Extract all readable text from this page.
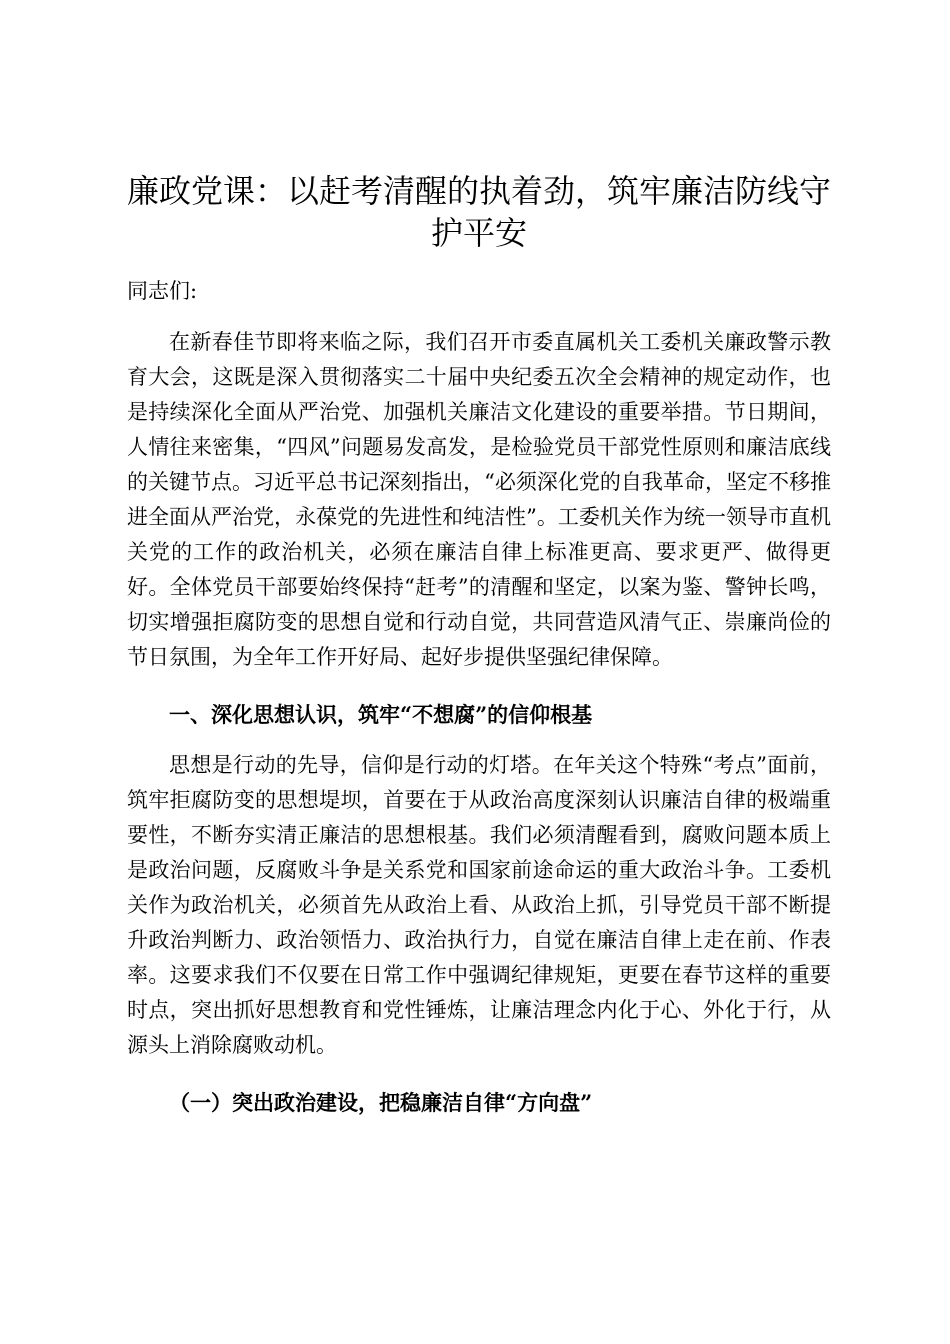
廉政党课：以赶考清醒的执着劲，筑牢廉洁防线守护平安

同志们:

在新春佳节即将来临之际，我们召开市委直属机关工委机关廉政警示教育大会，这既是深入贯彻落实二十届中央纪委五次全会精神的规定动作，也是持续深化全面从严治党、加强机关廉洁文化建设的重要举措。节日期间，人情往来密集，“四风”问题易发高发，是检验党员干部党性原则和廉洁底线的关键节点。习近平总书记深刻指出，“必须深化党的自我革命，坚定不移推进全面从严治党，永葆党的先进性和纯洁性”。工委机关作为统一领导市直机关党的工作的政治机关，必须在廉洁自律上标准更高、要求更严、做得更好。全体党员干部要始终保持“赶考”的清醒和坚定，以案为鉴、警钟长鸣，切实增强拒腐防变的思想自觉和行动自觉，共同营造风清气正、崇廉尚俭的节日氛围，为全年工作开好局、起好步提供坚强纪律保障。

一、深化思想认识，筑牢“不想腐”的信仰根基

思想是行动的先导，信仰是行动的灯塔。在年关这个特殊“考点”面前，筑牢拒腐防变的思想堤坝，首要在于从政治高度深刻认识廉洁自律的极端重要性，不断夯实清正廉洁的思想根基。我们必须清醒看到，腐败问题本质上是政治问题，反腐败斗争是关系党和国家前途命运的重大政治斗争。工委机关作为政治机关，必须首先从政治上看、从政治上抓，引导党员干部不断提升政治判断力、政治领悟力、政治执行力，自觉在廉洁自律上走在前、作表率。这要求我们不仅要在日常工作中强调纪律规矩，更要在春节这样的重要时点，突出抓好思想教育和党性锤炼，让廉洁理念内化于心、外化于行，从源头上消除腐败动机。

（一）突出政治建设，把稳廉洁自律“方向盘”
